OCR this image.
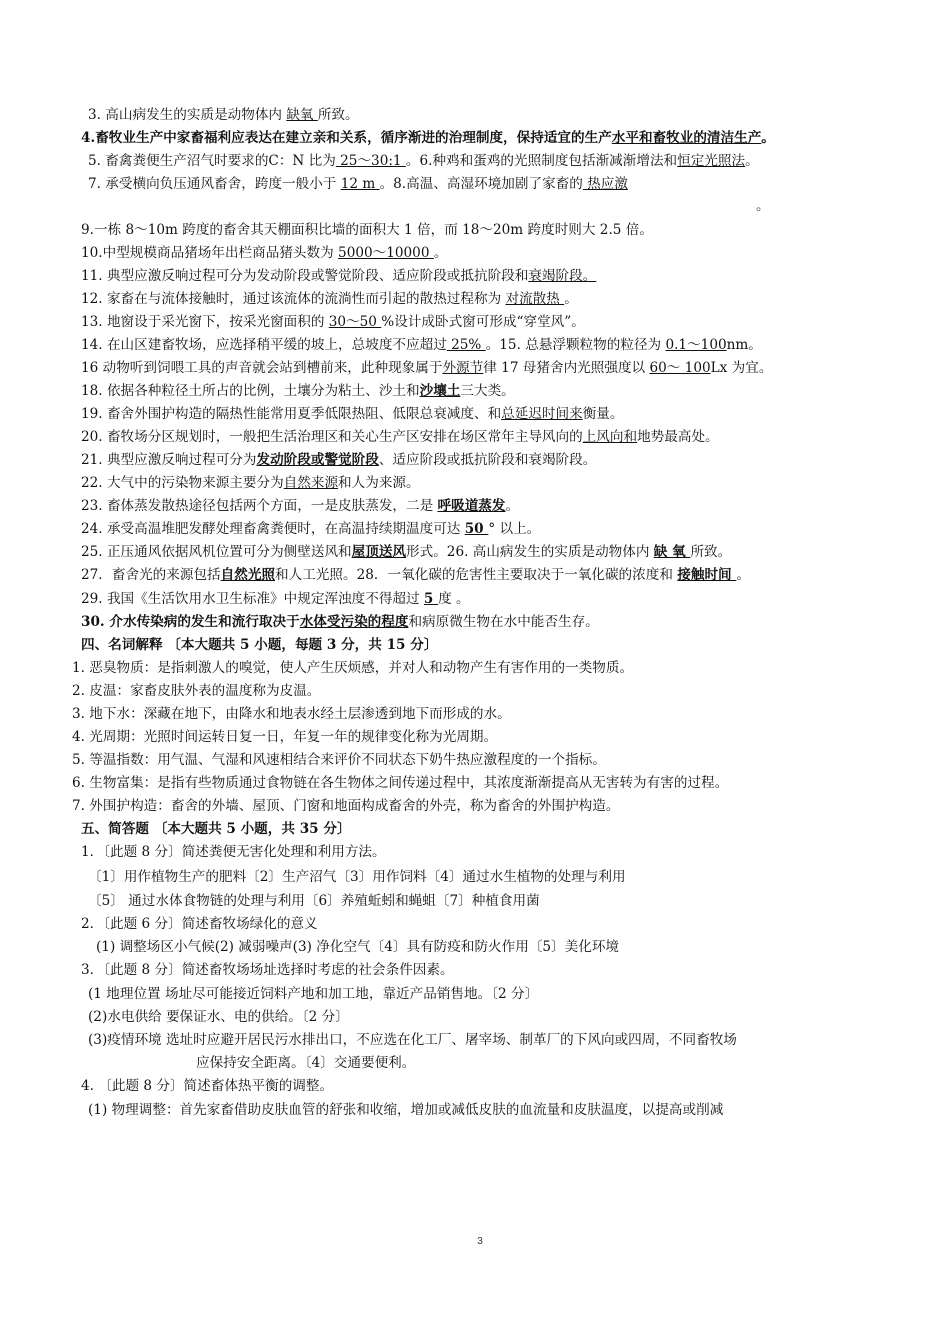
3. 高山病发生的实质是动物体内 缺氧 所致。
4.畜牧业生产中家畜福利应表达在建立亲和关系，循序渐进的治理制度，保持适宜的生产水平和畜牧业的清洁生产。
5. 畜禽粪便生产沼气时要求的C：N 比为 25～30:1 。6.种鸡和蛋鸡的光照制度包括渐减渐增法和恒定光照法。
7. 承受横向负压通风畜舍，跨度一般小于 12 m 。8.高温、高湿环境加剧了家畜的 热应激
。
9.一栋 8～10m 跨度的畜舍其天棚面积比墙的面积大 1 倍，而 18～20m 跨度时则大 2.5 倍。
10.中型规模商品猪场年出栏商品猪头数为 5000～10000 。
11. 典型应激反响过程可分为发动阶段或警觉阶段、适应阶段或抵抗阶段和衰竭阶段。
12. 家畜在与流体接触时，通过该流体的流淌性而引起的散热过程称为 对流散热 。
13. 地窗设于采光窗下，按采光窗面积的 30～50 %设计成卧式窗可形成“穿堂风”。
14. 在山区建畜牧场，应选择稍平缓的坡上，总坡度不应超过 25% 。15. 总悬浮颗粒物的粒径为 0.1～100nm。
16 动物听到饲喂工具的声音就会站到槽前来，此种现象属于外源节律 17 母猪舍内光照强度以 60～ 100Lx 为宜。
18. 依据各种粒径土所占的比例，土壤分为粘土、沙土和沙壤土三大类。
19. 畜舍外围护构造的隔热性能常用夏季低限热阻、低限总衰减度、和总延迟时间来衡量。
20. 畜牧场分区规划时，一般把生活治理区和关心生产区安排在场区常年主导风向的上风向和地势最高处。
21. 典型应激反响过程可分为发动阶段或警觉阶段、适应阶段或抵抗阶段和衰竭阶段。
22. 大气中的污染物来源主要分为自然来源和人为来源。
23. 畜体蒸发散热途径包括两个方面，一是皮肤蒸发，二是 呼吸道蒸发。
24. 承受高温堆肥发酵处理畜禽粪便时，在高温持续期温度可达 50 ° 以上。
25. 正压通风依据风机位置可分为侧壁送风和屋顶送风形式。26. 高山病发生的实质是动物体内 缺 氧 所致。
27．畜舍光的来源包括自然光照和人工光照。28．一氧化碳的危害性主要取决于一氧化碳的浓度和 接触时间 。
29. 我国《生活饮用水卫生标准》中规定浑浊度不得超过 5 度 。
30. 介水传染病的发生和流行取决于水体受污染的程度和病原微生物在水中能否生存。
四、名词解释 〔本大题共 5 小题，每题 3 分，共 15 分〕
1. 恶臭物质：是指刺激人的嗅觉，使人产生厌烦感，并对人和动物产生有害作用的一类物质。
2. 皮温：家畜皮肤外表的温度称为皮温。
3. 地下水：深藏在地下，由降水和地表水经土层渗透到地下而形成的水。
4. 光周期：光照时间运转日复一日，年复一年的规律变化称为光周期。
5. 等温指数：用气温、气湿和风速相结合来评价不同状态下奶牛热应激程度的一个指标。
6. 生物富集：是指有些物质通过食物链在各生物体之间传递过程中，其浓度渐渐提高从无害转为有害的过程。
7. 外围护构造：畜舍的外墙、屋顶、门窗和地面构成畜舍的外壳，称为畜舍的外围护构造。
五、简答题 〔本大题共 5 小题，共 35 分〕
1．〔此题 8 分〕简述粪便无害化处理和利用方法。
〔1〕用作植物生产的肥料〔2〕生产沼气〔3〕用作饲料〔4〕通过水生植物的处理与利用
〔5〕 通过水体食物链的处理与利用〔6〕养殖蚯蚓和蝇蛆〔7〕种植食用菌
2．〔此题 6 分〕简述畜牧场绿化的意义
(1) 调整场区小气候(2) 减弱噪声(3) 净化空气〔4〕具有防疫和防火作用〔5〕美化环境
3．〔此题 8 分〕简述畜牧场场址选择时考虑的社会条件因素。
(1 地理位置 场址尽可能接近饲料产地和加工地，靠近产品销售地。〔2 分〕
(2)水电供给 要保证水、电的供给。〔2 分〕
(3)疫情环境 选址时应避开居民污水排出口，不应选在化工厂、屠宰场、制革厂的下风向或四周，不同畜牧场
应保持安全距离。〔4〕交通要便利。
4. 〔此题 8 分〕简述畜体热平衡的调整。
(1) 物理调整：首先家畜借助皮肤血管的舒张和收缩，增加或减低皮肤的血流量和皮肤温度，以提高或削减
3
